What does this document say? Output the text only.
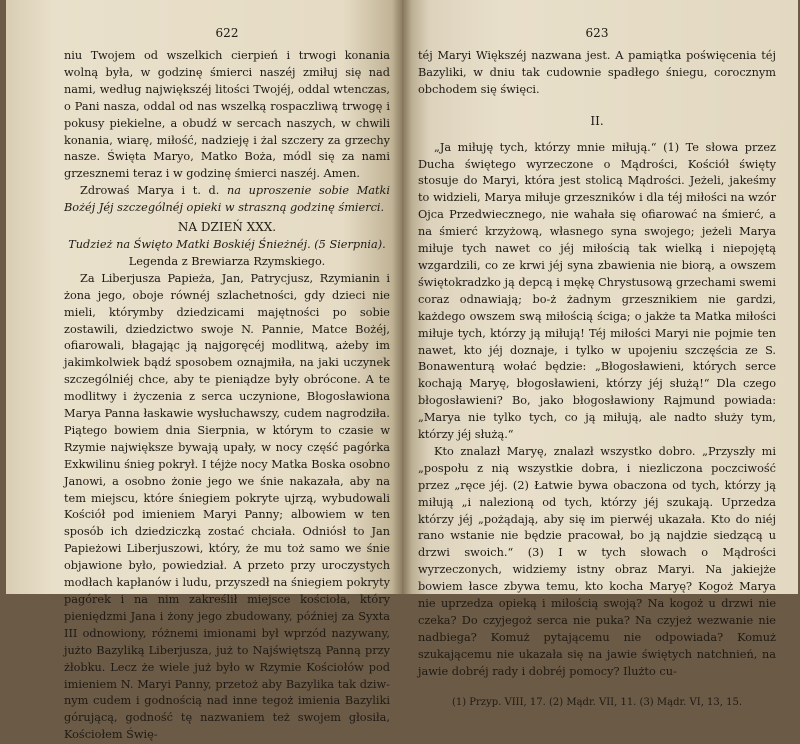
622

niu Twojem od wszelkich cierpień i trwogi konania wolną była, w godzinę śmierci naszéj zmiłuj się nad nami, według największéj litości Twojéj, oddal wtenczas, o Pani nasza, oddal od nas wszelką rospaczliwą trwogę i pokusy piekielne, a obudź w sercach naszych, w chwili konania, wiarę, miłość, nadzieję i żal szczery za grzechy nasze. Święta Maryo, Matko Boża, módl się za nami grzesznemi teraz i w godzinę śmierci naszéj. Amen.

Zdrowaś Marya i t. d. na uproszenie sobie Matki Bożéj Jéj szczególnéj opieki w straszną godzinę śmierci.

NA DZIEŃ XXX.

Tudzież na Święto Matki Boskiéj Śnieżnéj. (5 Sierpnia).

Legenda z Brewiarza Rzymskiego.

Za Liberjusza Papieża, Jan, Patrycjusz, Rzymianin i żona jego, oboje równéj szlachetności, gdy dzieci nie mieli, którymby dziedzicami majętności po sobie zostawili, dziedzictwo swoje N. Pannie, Matce Bożéj, ofiarowali, błagając ją najgoręcéj modlitwą, ażeby im jakimkolwiek bądź sposobem oznajmiła, na jaki uczynek szczególniéj chce, aby te pieniądze były obrócone. A te modlitwy i życzenia z serca uczynione, Błogosławiona Marya Panna łaskawie wysłuchawszy, cudem nagrodziła. Piątego bowiem dnia Sierpnia, w którym to czasie w Rzymie największe bywają upały, w nocy część pagórka Exkwilinu śnieg pokrył. I téjże nocy Matka Boska osobno Janowi, a osobno żonie jego we śnie nakazała, aby na tem miejscu, które śniegiem pokryte ujrzą, wybudowali Kościół pod imieniem Maryi Panny; albowiem w ten sposób ich dziedziczką zostać chciała. Odniósł to Jan Papieżowi Liberjuszowi, który, że mu toż samo we śnie objawione było, powiedział. A przeto przy uroczystych modłach kapłanów i ludu, przyszedł na śniegiem pokryty pagórek i na nim zakreślił miejsce kościoła, który pieniędzmi Jana i żony jego zbudowany, później za Syxta III odnowiony, różnemi imionami był wprzód nazywany, jużto Bazyliką Liberjusza, już to Najświętszą Panną przy żłobku. Lecz że wiele już było w Rzymie Kościołów pod imieniem N. Maryi Panny, przetoż aby Bazylika tak dziwnym cudem i godnością nad inne tegoż imienia Bazyliki górującą, godność tę nazwaniem też swojem głosiła, Kościołem Świę-

623

téj Maryi Większéj nazwana jest. A pamiątka poświęcenia téj Bazyliki, w dniu tak cudownie spadłego śniegu, corocznym obchodem się święci.

II.

„Ja miłuję tych, którzy mnie miłują.“ (1) Te słowa przez Ducha świętego wyrzeczone o Mądrości, Kościół święty stosuje do Maryi, która jest stolicą Mądrości. Jeżeli, jakeśmy to widzieli, Marya miłuje grzeszników i dla téj miłości na wzór Ojca Przedwiecznego, nie wahała się ofiarować na śmierć, a na śmierć krzyżową, własnego syna swojego; jeżeli Marya miłuje tych nawet co jéj miłością tak wielką i niepojętą wzgardzili, co ze krwi jéj syna zbawienia nie biorą, a owszem świętokradzko ją depcą i mękę Chrystusową grzechami swemi coraz odnawiają; bo-ż żadnym grzesznikiem nie gardzi, każdego owszem swą miłością ściga; o jakże ta Matka miłości miłuje tych, którzy ją miłują! Téj miłości Maryi nie pojmie ten nawet, kto jéj doznaje, i tylko w upojeniu szczęścia ze S. Bonawenturą wołać będzie: „Błogosławieni, których serce kochają Maryę, błogosławieni, którzy jéj służą!“ Dla czego błogosławieni? Bo, jako błogosławiony Rajmund powiada: „Marya nie tylko tych, co ją miłują, ale nadto służy tym, którzy jéj służą.“

Kto znalazł Maryę, znalazł wszystko dobro. „Przyszły mi „pospołu z nią wszystkie dobra, i niezliczona poczciwość przez „ręce jéj. (2) Łatwie bywa obaczona od tych, którzy ją miłują „i nalezioną od tych, którzy jéj szukają. Uprzedza którzy jéj „pożądają, aby się im pierwéj ukazała. Kto do niéj rano wstanie nie będzie pracował, bo ją najdzie siedzącą u drzwi swoich.“ (3) I w tych słowach o Mądrości wyrzeczonych, widziemy istny obraz Maryi. Na jakiejże bowiem łasce zbywa temu, kto kocha Maryę? Kogoż Marya nie uprzedza opieką i miłością swoją? Na kogoż u drzwi nie czeka? Do czyjegoż serca nie puka? Na czyjeż wezwanie nie nadbiega? Komuż pytającemu nie odpowiada? Komuż szukającemu nie ukazała się na jawie świętych natchnień, na jawie dobréj rady i dobréj pomocy? Ilużto cu-

(1) Przyp. VIII, 17. (2) Mądr. VII, 11. (3) Mądr. VI, 13, 15.
